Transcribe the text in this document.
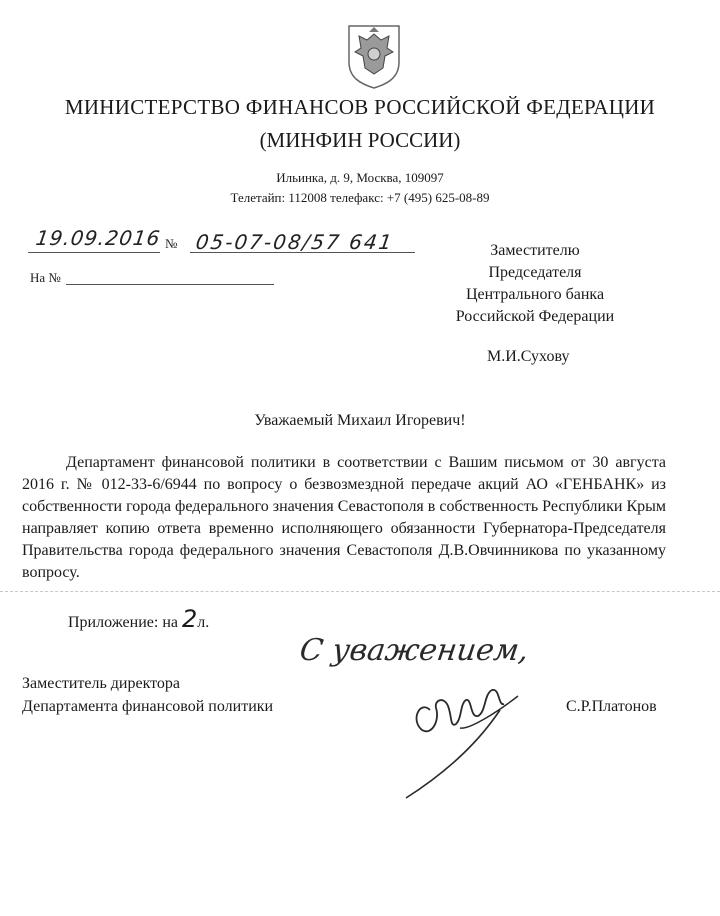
МИНИСТЕРСТВО ФИНАНСОВ РОССИЙСКОЙ ФЕДЕРАЦИИ
(МИНФИН РОССИИ)
Ильинка, д. 9, Москва, 109097
Телетайп: 112008 телефакс: +7 (495) 625-08-89
19.09.2016 № 05-07-08/57 641
На №
Заместителю
Председателя
Центрального банка
Российской Федерации
М.И.Сухову
Уважаемый Михаил Игоревич!
Департамент финансовой политики в соответствии с Вашим письмом от 30 августа 2016 г. № 012-33-6/6944 по вопросу о безвозмездной передаче акций АО «ГЕНБАНК» из собственности города федерального значения Севастополя в собственность Республики Крым направляет копию ответа временно исполняющего обязанности Губернатора-Председателя Правительства города федерального значения Севастополя Д.В.Овчинникова по указанному вопросу.
Приложение: на 2л.
С уважением,
Заместитель директора
Департамента финансовой политики	С.Р.Платонов
